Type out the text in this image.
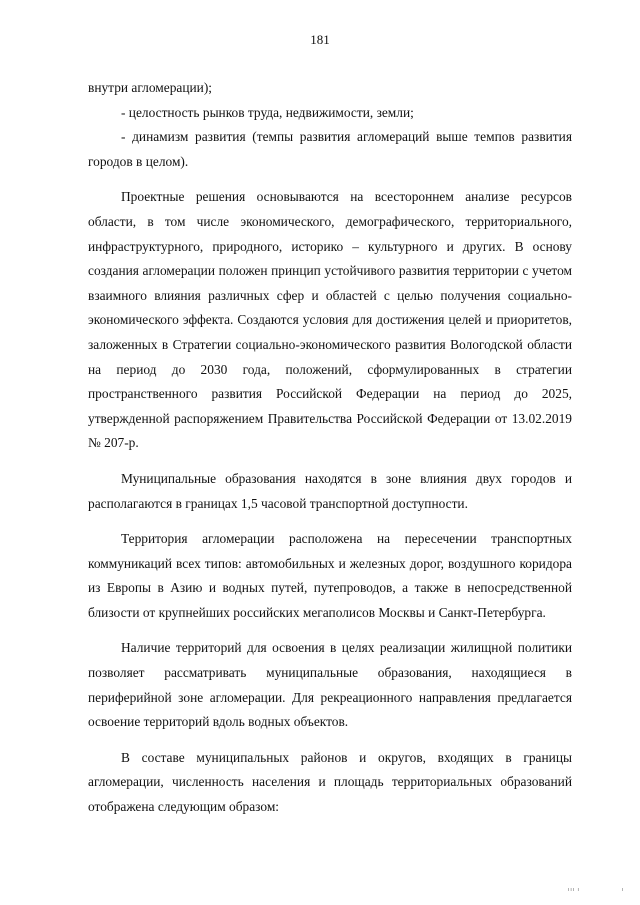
181

внутри агломерации);

- целостность рынков труда, недвижимости, земли;

- динамизм развития (темпы развития агломераций выше темпов развития городов в целом).

Проектные решения основываются на всестороннем анализе ресурсов области, в том числе экономического, демографического, территориального, инфраструктурного, природного, историко – культурного и других. В основу создания агломерации положен принцип устойчивого развития территории с учетом взаимного влияния различных сфер и областей с целью получения социально-экономического эффекта. Создаются условия для достижения целей и приоритетов, заложенных в Стратегии социально-экономического развития Вологодской области на период до 2030 года, положений, сформулированных в стратегии пространственного развития Российской Федерации на период до 2025, утвержденной распоряжением Правительства Российской Федерации от 13.02.2019 № 207-р.

Муниципальные образования находятся в зоне влияния двух городов и располагаются в границах 1,5 часовой транспортной доступности.

Территория агломерации расположена на пересечении транспортных коммуникаций всех типов: автомобильных и железных дорог, воздушного коридора из Европы в Азию и водных путей, путепроводов, а также в непосредственной близости от крупнейших российских мегаполисов Москвы и Санкт-Петербурга.

Наличие территорий для освоения в целях реализации жилищной политики позволяет рассматривать муниципальные образования, находящиеся в периферийной зоне агломерации. Для рекреационного направления предлагается освоение территорий вдоль водных объектов.

В составе муниципальных районов и округов, входящих в границы агломерации, численность населения и площадь территориальных образований отображена следующим образом:

ııı ı	ı
